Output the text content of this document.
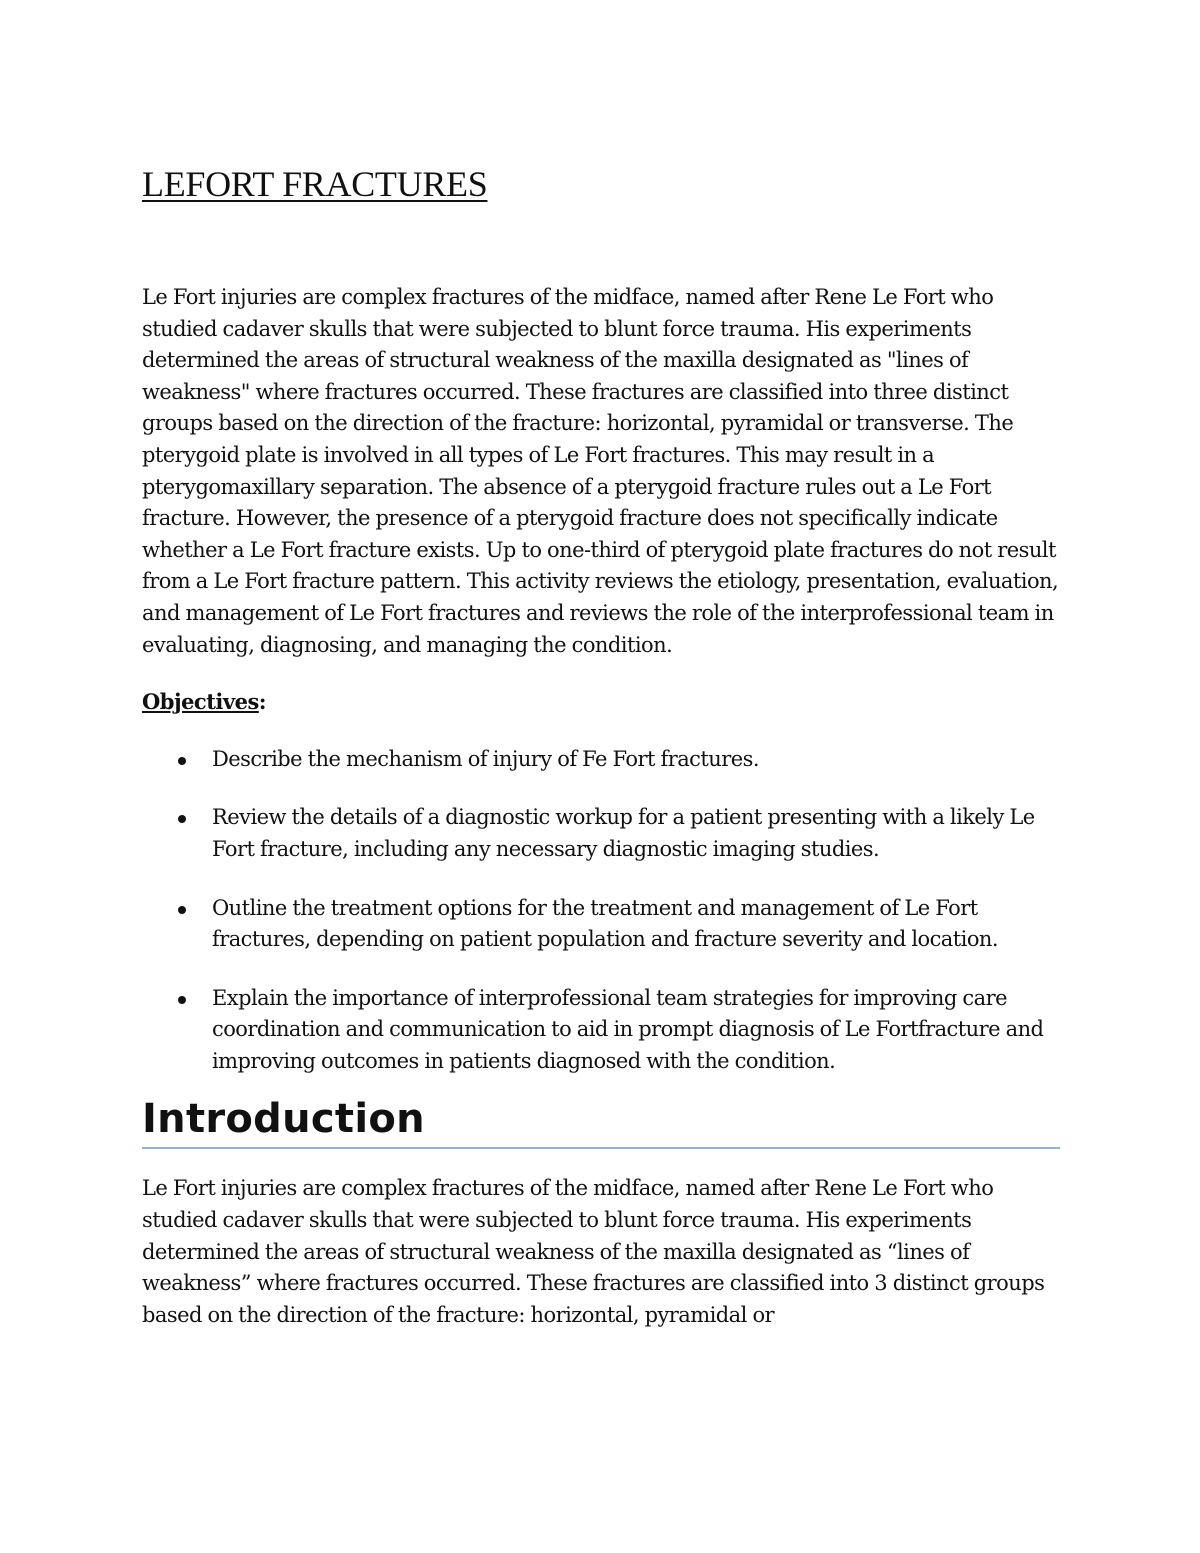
LEFORT FRACTURES

Le Fort injuries are complex fractures of the midface, named after Rene Le Fort who studied cadaver skulls that were subjected to blunt force trauma. His experiments determined the areas of structural weakness of the maxilla designated as "lines of weakness" where fractures occurred. These fractures are classified into three distinct groups based on the direction of the fracture: horizontal, pyramidal or transverse. The pterygoid plate is involved in all types of Le Fort fractures. This may result in a pterygomaxillary separation. The absence of a pterygoid fracture rules out a Le Fort fracture. However, the presence of a pterygoid fracture does not specifically indicate whether a Le Fort fracture exists. Up to one-third of pterygoid plate fractures do not result from a Le Fort fracture pattern. This activity reviews the etiology, presentation, evaluation, and management of Le Fort fractures and reviews the role of the interprofessional team in evaluating, diagnosing, and managing the condition.

Objectives:

Describe the mechanism of injury of Fe Fort fractures.
Review the details of a diagnostic workup for a patient presenting with a likely Le Fort fracture, including any necessary diagnostic imaging studies.
Outline the treatment options for the treatment and management of Le Fort fractures, depending on patient population and fracture severity and location.
Explain the importance of interprofessional team strategies for improving care coordination and communication to aid in prompt diagnosis of Le Fortfracture and improving outcomes in patients diagnosed with the condition.
Introduction

Le Fort injuries are complex fractures of the midface, named after Rene Le Fort who studied cadaver skulls that were subjected to blunt force trauma. His experiments determined the areas of structural weakness of the maxilla designated as “lines of weakness” where fractures occurred. These fractures are classified into 3 distinct groups based on the direction of the fracture: horizontal, pyramidal or
